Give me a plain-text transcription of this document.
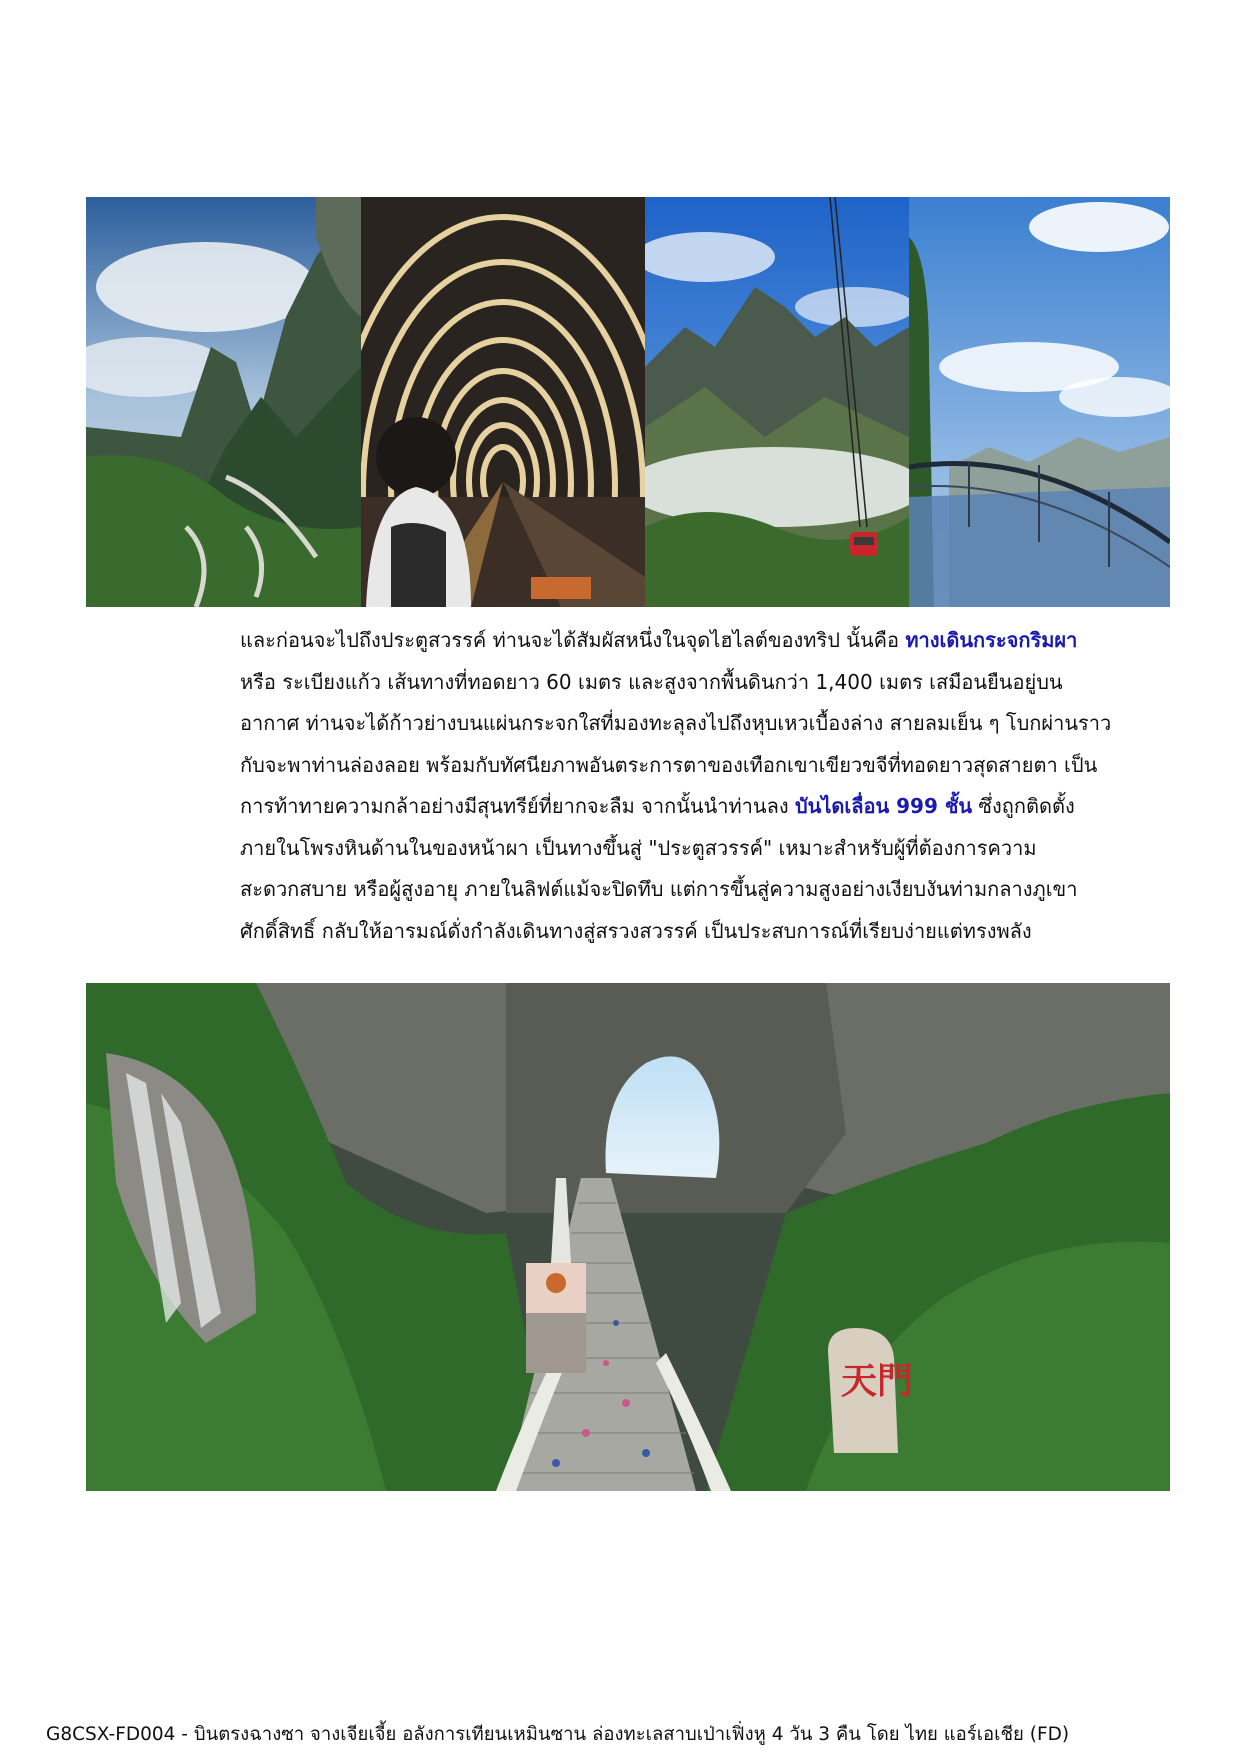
และก่อนจะไปถึงประตูสวรรค์ ท่านจะได้สัมผัสหนึ่งในจุดไฮไลต์ของทริป นั้นคือ ทางเดินกระจกริมผา

หรือ ระเบียงแก้ว เส้นทางที่ทอดยาว 60 เมตร และสูงจากพื้นดินกว่า 1,400 เมตร เสมือนยืนอยู่บน

อากาศ ท่านจะได้ก้าวย่างบนแผ่นกระจกใสที่มองทะลุลงไปถึงหุบเหวเบื้องล่าง สายลมเย็น ๆ โบกผ่านราว

กับจะพาท่านล่องลอย พร้อมกับทัศนียภาพอันตระการตาของเทือกเขาเขียวขจีที่ทอดยาวสุดสายตา เป็น

การท้าทายความกล้าอย่างมีสุนทรีย์ที่ยากจะลืม จากนั้นนำท่านลง บันไดเลื่อน 999 ชั้น ซึ่งถูกติดตั้ง

ภายในโพรงหินด้านในของหน้าผา เป็นทางขึ้นสู่ "ประตูสวรรค์" เหมาะสำหรับผู้ที่ต้องการความ

สะดวกสบาย หรือผู้สูงอายุ ภายในลิฟต์แม้จะปิดทึบ แต่การขึ้นสู่ความสูงอย่างเงียบงันท่ามกลางภูเขา

ศักดิ์สิทธิ์ กลับให้อารมณ์ดั่งกำลังเดินทางสู่สรวงสวรรค์ เป็นประสบการณ์ที่เรียบง่ายแต่ทรงพลัง

天門
G8CSX-FD004 - บินตรงฉางซา จางเจียเจี้ย อลังการเทียนเหมินซาน ล่องทะเลสาบเป่าเฟิ่งหู 4 วัน 3 คืน โดย ไทย แอร์เอเชีย (FD)
